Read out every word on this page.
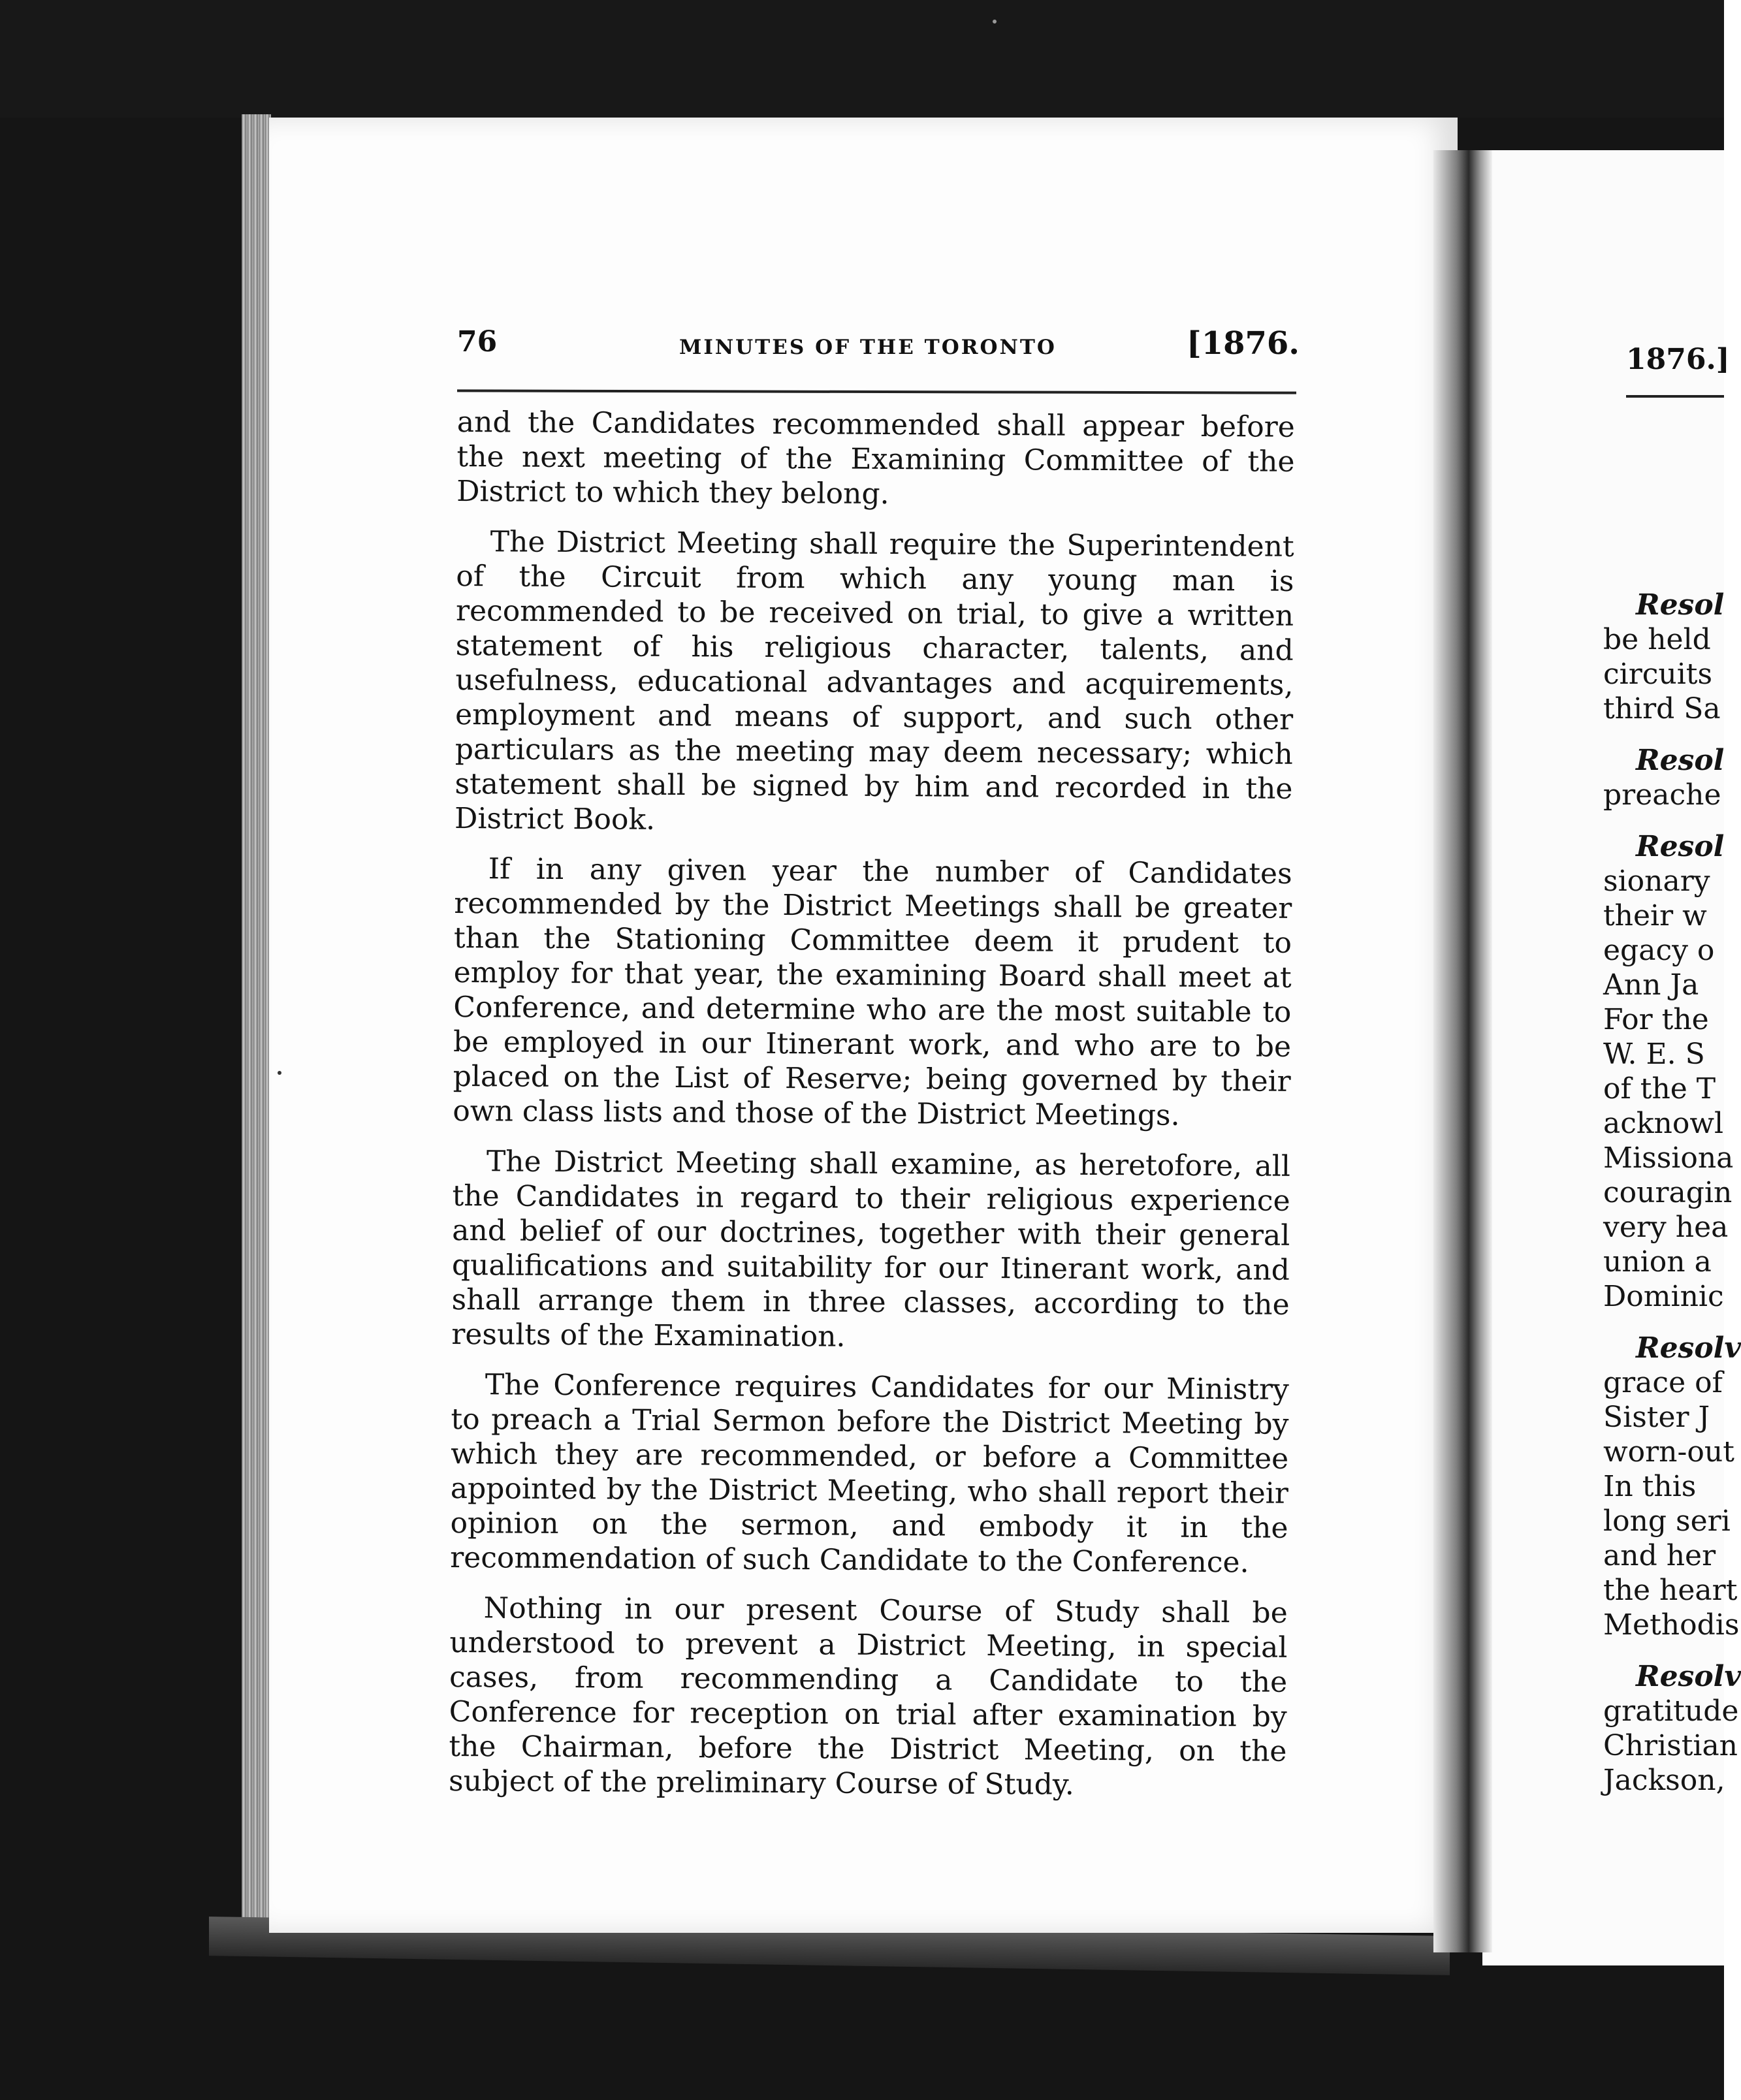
76	MINUTES OF THE TORONTO	[1876.

and the Candidates recommended shall appear before the next meeting of the Examining Committee of the District to which they belong.

The District Meeting shall require the Superintendent of the Circuit from which any young man is recommended to be received on trial, to give a written statement of his religious character, talents, and usefulness, educational advantages and acquirements, employment and means of support, and such other particulars as the meeting may deem necessary; which statement shall be signed by him and recorded in the District Book.

If in any given year the number of Candidates recommended by the District Meetings shall be greater than the Stationing Committee deem it prudent to employ for that year, the examining Board shall meet at Conference, and determine who are the most suitable to be employed in our Itinerant work, and who are to be placed on the List of Reserve; being governed by their own class lists and those of the District Meetings.

The District Meeting shall examine, as heretofore, all the Candidates in regard to their religious experience and belief of our doctrines, together with their general qualifications and suitability for our Itinerant work, and shall arrange them in three classes, according to the results of the Examination.

The Conference requires Candidates for our Ministry to preach a Trial Sermon before the District Meeting by which they are recommended, or before a Committee appointed by the District Meeting, who shall report their opinion on the sermon, and embody it in the recommendation of such Candidate to the Conference.

Nothing in our present Course of Study shall be understood to prevent a District Meeting, in special cases, from recommending a Candidate to the Conference for reception on trial after examination by the Chairman, before the District Meeting, on the subject of the preliminary Course of Study.

1876.]
Resol
be held
circuits
third Sa
Resol
preache
Resol
sionary
their w
egacy o
Ann Ja
For the
W. E. S
of the T
acknowl
Missiona
couragin
very hea
union a
Dominic
Resolv
grace of
Sister J
worn-out
In this
long seri
and her
the heart
Methodis
Resolv
gratitude
Christian
Jackson,
